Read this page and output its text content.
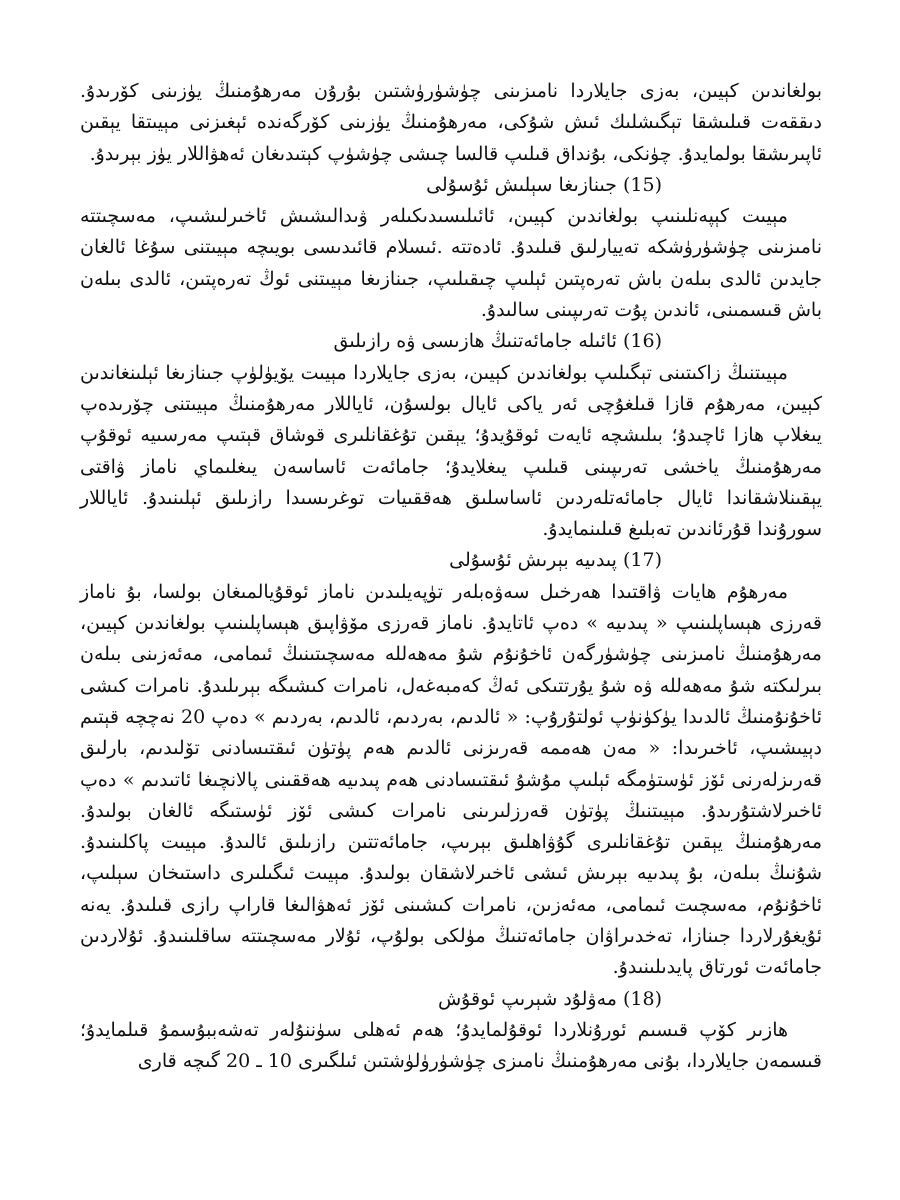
بولغاندىن كېيىن، بەزى جايلاردا نامىزىنى چۈشۈرۈشتىن بۇرۇن مەرھۇمنىڭ يۈزىنى كۆرىدۇ. دىققەت قىلىشقا تېگىشلىك ئىش شۇكى، مەرھۇمنىڭ يۈزىنى كۆرگەندە ئېغىزنى مېيىتقا يېقىن ئاپىرىشقا بولمايدۇ. چۈنكى، بۇنداق قىلىپ قالسا چىشى چۈشۈپ كېتىدىغان ئەھۋاللار يۈز بېرىدۇ.

(15) جىنازىغا سېلىش ئۇسۇلى

مېيىت كېپەنلىنىپ بولغاندىن كېيىن، ئائىلىسىدىكىلەر ۋىدالىشىش ئاخىرلىشىپ، مەسچىتتە نامىزىنى چۈشۈرۈشكە تەييارلىق قىلىدۇ. ئادەتتە .ئىسلام قائىدىسى بويىچە مېيىتنى سۇغا ئالغان جايدىن ئالدى بىلەن باش تەرەپتىن ئېلىپ چىقىلىپ، جىنازىغا مېيىتنى ئوڭ تەرەپتىن، ئالدى بىلەن باش قىسمىنى، ئاندىن پۇت تەرىپىنى سالىدۇ.

(16) ئائىلە جامائەتنىڭ ھازىسى ۋە رازىلىق

مېيىتنىڭ زاكىتىنى تېگىلىپ بولغاندىن كېيىن، بەزى جايلاردا مېيىت يۆيۈلۈپ جىنازىغا ئېلىنغاندىن كېيىن، مەرھۇم قازا قىلغۇچى ئەر ياكى ئايال بولسۇن، ئاياللار مەرھۇمنىڭ مېيىتنى چۆرىدەپ يىغلاپ ھازا ئاچىدۇ؛ بىلىشچە ئايەت ئوقۇيدۇ؛ يېقىن تۇغقانلىرى قوشاق قېتىپ مەرسىيە ئوقۇپ مەرھۇمنىڭ ياخشى تەرىپىنى قىلىپ يىغلايدۇ؛ جامائەت ئاساسەن يىغلىماي ناماز ۋاقتى يېقىنلاشقاندا ئايال جامائەتلەردىن ئاساسلىق ھەققىيات توغرىسىدا رازىلىق ئېلىنىدۇ. ئاياللار سورۇندا قۇرئاندىن تەبلىغ قىلىنمايدۇ.

(17) پىدىيە بېرىش ئۇسۇلى

مەرھۇم ھايات ۋاقتىدا ھەرخىل سەۋەبلەر تۈپەيلىدىن ناماز ئوقۇيالمىغان بولسا، بۇ ناماز قەرزى ھېساپلىنىپ « پىدىيە » دەپ ئاتايدۇ. ناماز قەرزى مۆۋاپىق ھېساپلىنىپ بولغاندىن كېيىن، مەرھۇمنىڭ نامىزىنى چۈشۈرگەن ئاخۇنۇم شۇ مەھەللە مەسچىتىنىڭ ئىمامى، مەئەزىنى بىلەن بىرلىكتە شۇ مەھەللە ۋە شۇ يۇرتتىكى ئەڭ كەمبەغەل، نامرات كىشىگە بېرىلىدۇ. نامرات كىشى ئاخۇنۇمنىڭ ئالدىدا يۈكۈنۈپ ئولتۇرۇپ: « ئالدىم، بەردىم، ئالدىم، بەردىم » دەپ 20 نەچچە قېتىم دېيىشىپ، ئاخىرىدا: « مەن ھەممە قەرىزنى ئالدىم ھەم پۈتۈن ئىقتىسادنى تۆلىدىم، بارلىق قەرىزلەرنى ئۆز ئۈستۈمگە ئېلىپ مۇشۇ ئىقتىسادنى ھەم پىدىيە ھەققىنى پالانچىغا ئاتىدىم » دەپ ئاخىرلاشتۇرىدۇ. مېيىتنىڭ پۈتۈن قەرزلىرىنى نامرات كىشى ئۆز ئۈستىگە ئالغان بولىدۇ. مەرھۇمنىڭ يېقىن تۇغقانلىرى گۇۋاھلىق بېرىپ، جامائەتتىن رازىلىق ئالىدۇ. مېيىت پاكلىنىدۇ. شۇنىڭ بىلەن، بۇ پىدىيە بېرىش ئىشى ئاخىرلاشقان بولىدۇ. مېيىت ئىگىلىرى داستىخان سېلىپ، ئاخۇنۇم، مەسچىت ئىمامى، مەئەزىن، نامرات كىشىنى ئۆز ئەھۋالىغا قاراپ رازى قىلىدۇ. يەنە ئۇيغۇرلاردا جىنازا، تەخدىراۋان جامائەتنىڭ مۈلكى بولۇپ، ئۇلار مەسچىتتە ساقلىنىدۇ. ئۇلاردىن جامائەت ئورتاق پايدىلىنىدۇ.

(18) مەۋلۇد شېرىپ ئوقۇش

ھازىر كۆپ قىسىم ئورۇنلاردا ئوقۇلمايدۇ؛ ھەم ئەھلى سۈننۇلەر تەشەببۇسمۇ قىلمايدۇ؛ قىسمەن جايلاردا، بۇنى مەرھۇمنىڭ نامىزى چۈشۈرۈلۈشتىن ئىلگىرى 10 ـ 20 گىچە قارى
